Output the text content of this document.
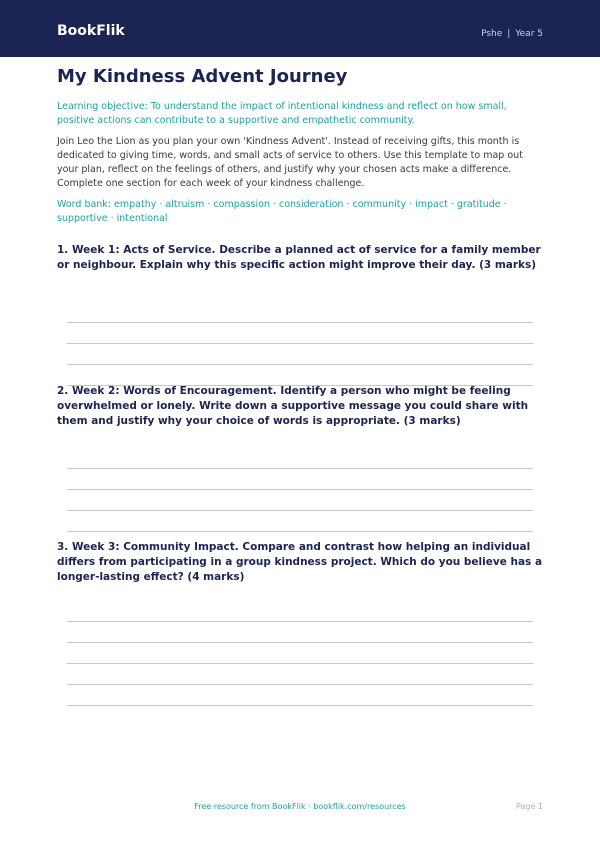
BookFlik	Pshe | Year 5
My Kindness Advent Journey
Learning objective: To understand the impact of intentional kindness and reflect on how small, positive actions can contribute to a supportive and empathetic community.
Join Leo the Lion as you plan your own 'Kindness Advent'. Instead of receiving gifts, this month is dedicated to giving time, words, and small acts of service to others. Use this template to map out your plan, reflect on the feelings of others, and justify why your chosen acts make a difference. Complete one section for each week of your kindness challenge.
Word bank: empathy · altruism · compassion · consideration · community · impact · gratitude · supportive · intentional
1. Week 1: Acts of Service. Describe a planned act of service for a family member or neighbour. Explain why this specific action might improve their day. (3 marks)
2. Week 2: Words of Encouragement. Identify a person who might be feeling overwhelmed or lonely. Write down a supportive message you could share with them and justify why your choice of words is appropriate. (3 marks)
3. Week 3: Community Impact. Compare and contrast how helping an individual differs from participating in a group kindness project. Which do you believe has a longer-lasting effect? (4 marks)
Free resource from BookFlik · bookflik.com/resources	Page 1
